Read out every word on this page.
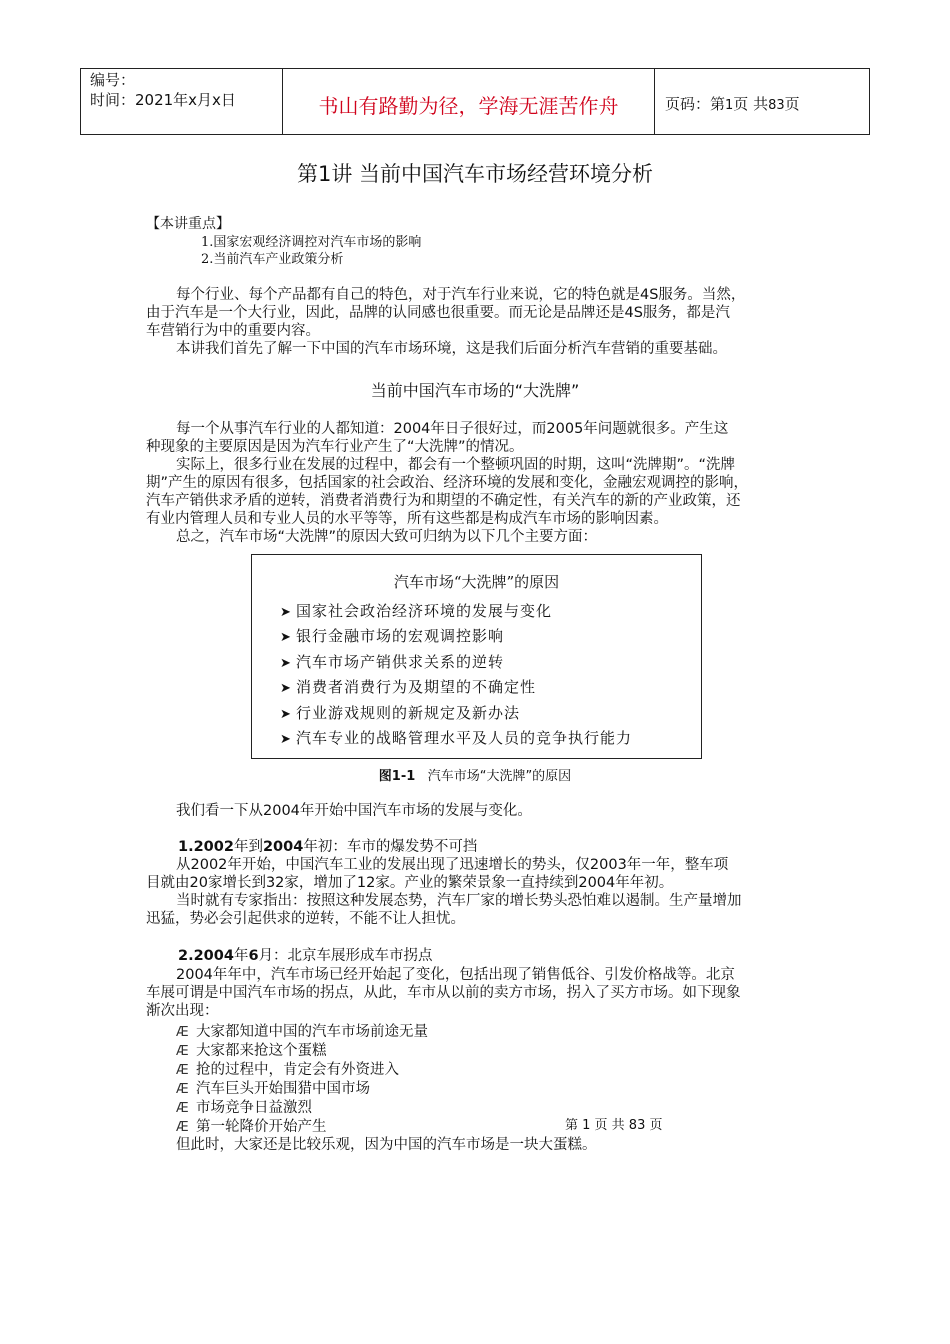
编号：
时间：2021年x月x日	书山有路勤为径，学海无涯苦作舟	页码：第1页 共83页
第1讲 当前中国汽车市场经营环境分析
【本讲重点】
1.国家宏观经济调控对汽车市场的影响
2.当前汽车产业政策分析
每个行业、每个产品都有自己的特色，对于汽车行业来说，它的特色就是4S服务。当然，
由于汽车是一个大行业，因此，品牌的认同感也很重要。而无论是品牌还是4S服务，都是汽
车营销行为中的重要内容。
本讲我们首先了解一下中国的汽车市场环境，这是我们后面分析汽车营销的重要基础。
当前中国汽车市场的“大洗牌”
每一个从事汽车行业的人都知道：2004年日子很好过，而2005年问题就很多。产生这
种现象的主要原因是因为汽车行业产生了“大洗牌”的情况。
实际上，很多行业在发展的过程中，都会有一个整顿巩固的时期，这叫“洗牌期”。“洗牌
期”产生的原因有很多，包括国家的社会政治、经济环境的发展和变化，金融宏观调控的影响，
汽车产销供求矛盾的逆转，消费者消费行为和期望的不确定性，有关汽车的新的产业政策，还
有业内管理人员和专业人员的水平等等，所有这些都是构成汽车市场的影响因素。
总之，汽车市场“大洗牌”的原因大致可归纳为以下几个主要方面：
汽车市场“大洗牌”的原因
➤ 国家社会政治经济环境的发展与变化
➤ 银行金融市场的宏观调控影响
➤ 汽车市场产销供求关系的逆转
➤ 消费者消费行为及期望的不确定性
➤ 行业游戏规则的新规定及新办法
➤ 汽车专业的战略管理水平及人员的竞争执行能力
图1-1 汽车市场“大洗牌”的原因
我们看一下从2004年开始中国汽车市场的发展与变化。
1.2002年到2004年初：车市的爆发势不可挡
从2002年开始，中国汽车工业的发展出现了迅速增长的势头，仅2003年一年，整车项
目就由20家增长到32家，增加了12家。产业的繁荣景象一直持续到2004年年初。
当时就有专家指出：按照这种发展态势，汽车厂家的增长势头恐怕难以遏制。生产量增加
迅猛，势必会引起供求的逆转，不能不让人担忧。
2.2004年6月：北京车展形成车市拐点
2004年年中，汽车市场已经开始起了变化，包括出现了销售低谷、引发价格战等。北京
车展可谓是中国汽车市场的拐点，从此，车市从以前的卖方市场，拐入了买方市场。如下现象
渐次出现：
Æ 大家都知道中国的汽车市场前途无量
Æ 大家都来抢这个蛋糕
Æ 抢的过程中，肯定会有外资进入
Æ 汽车巨头开始围猎中国市场
Æ 市场竞争日益激烈
Æ 第一轮降价开始产生
但此时，大家还是比较乐观，因为中国的汽车市场是一块大蛋糕。
第 1 页 共 83 页
